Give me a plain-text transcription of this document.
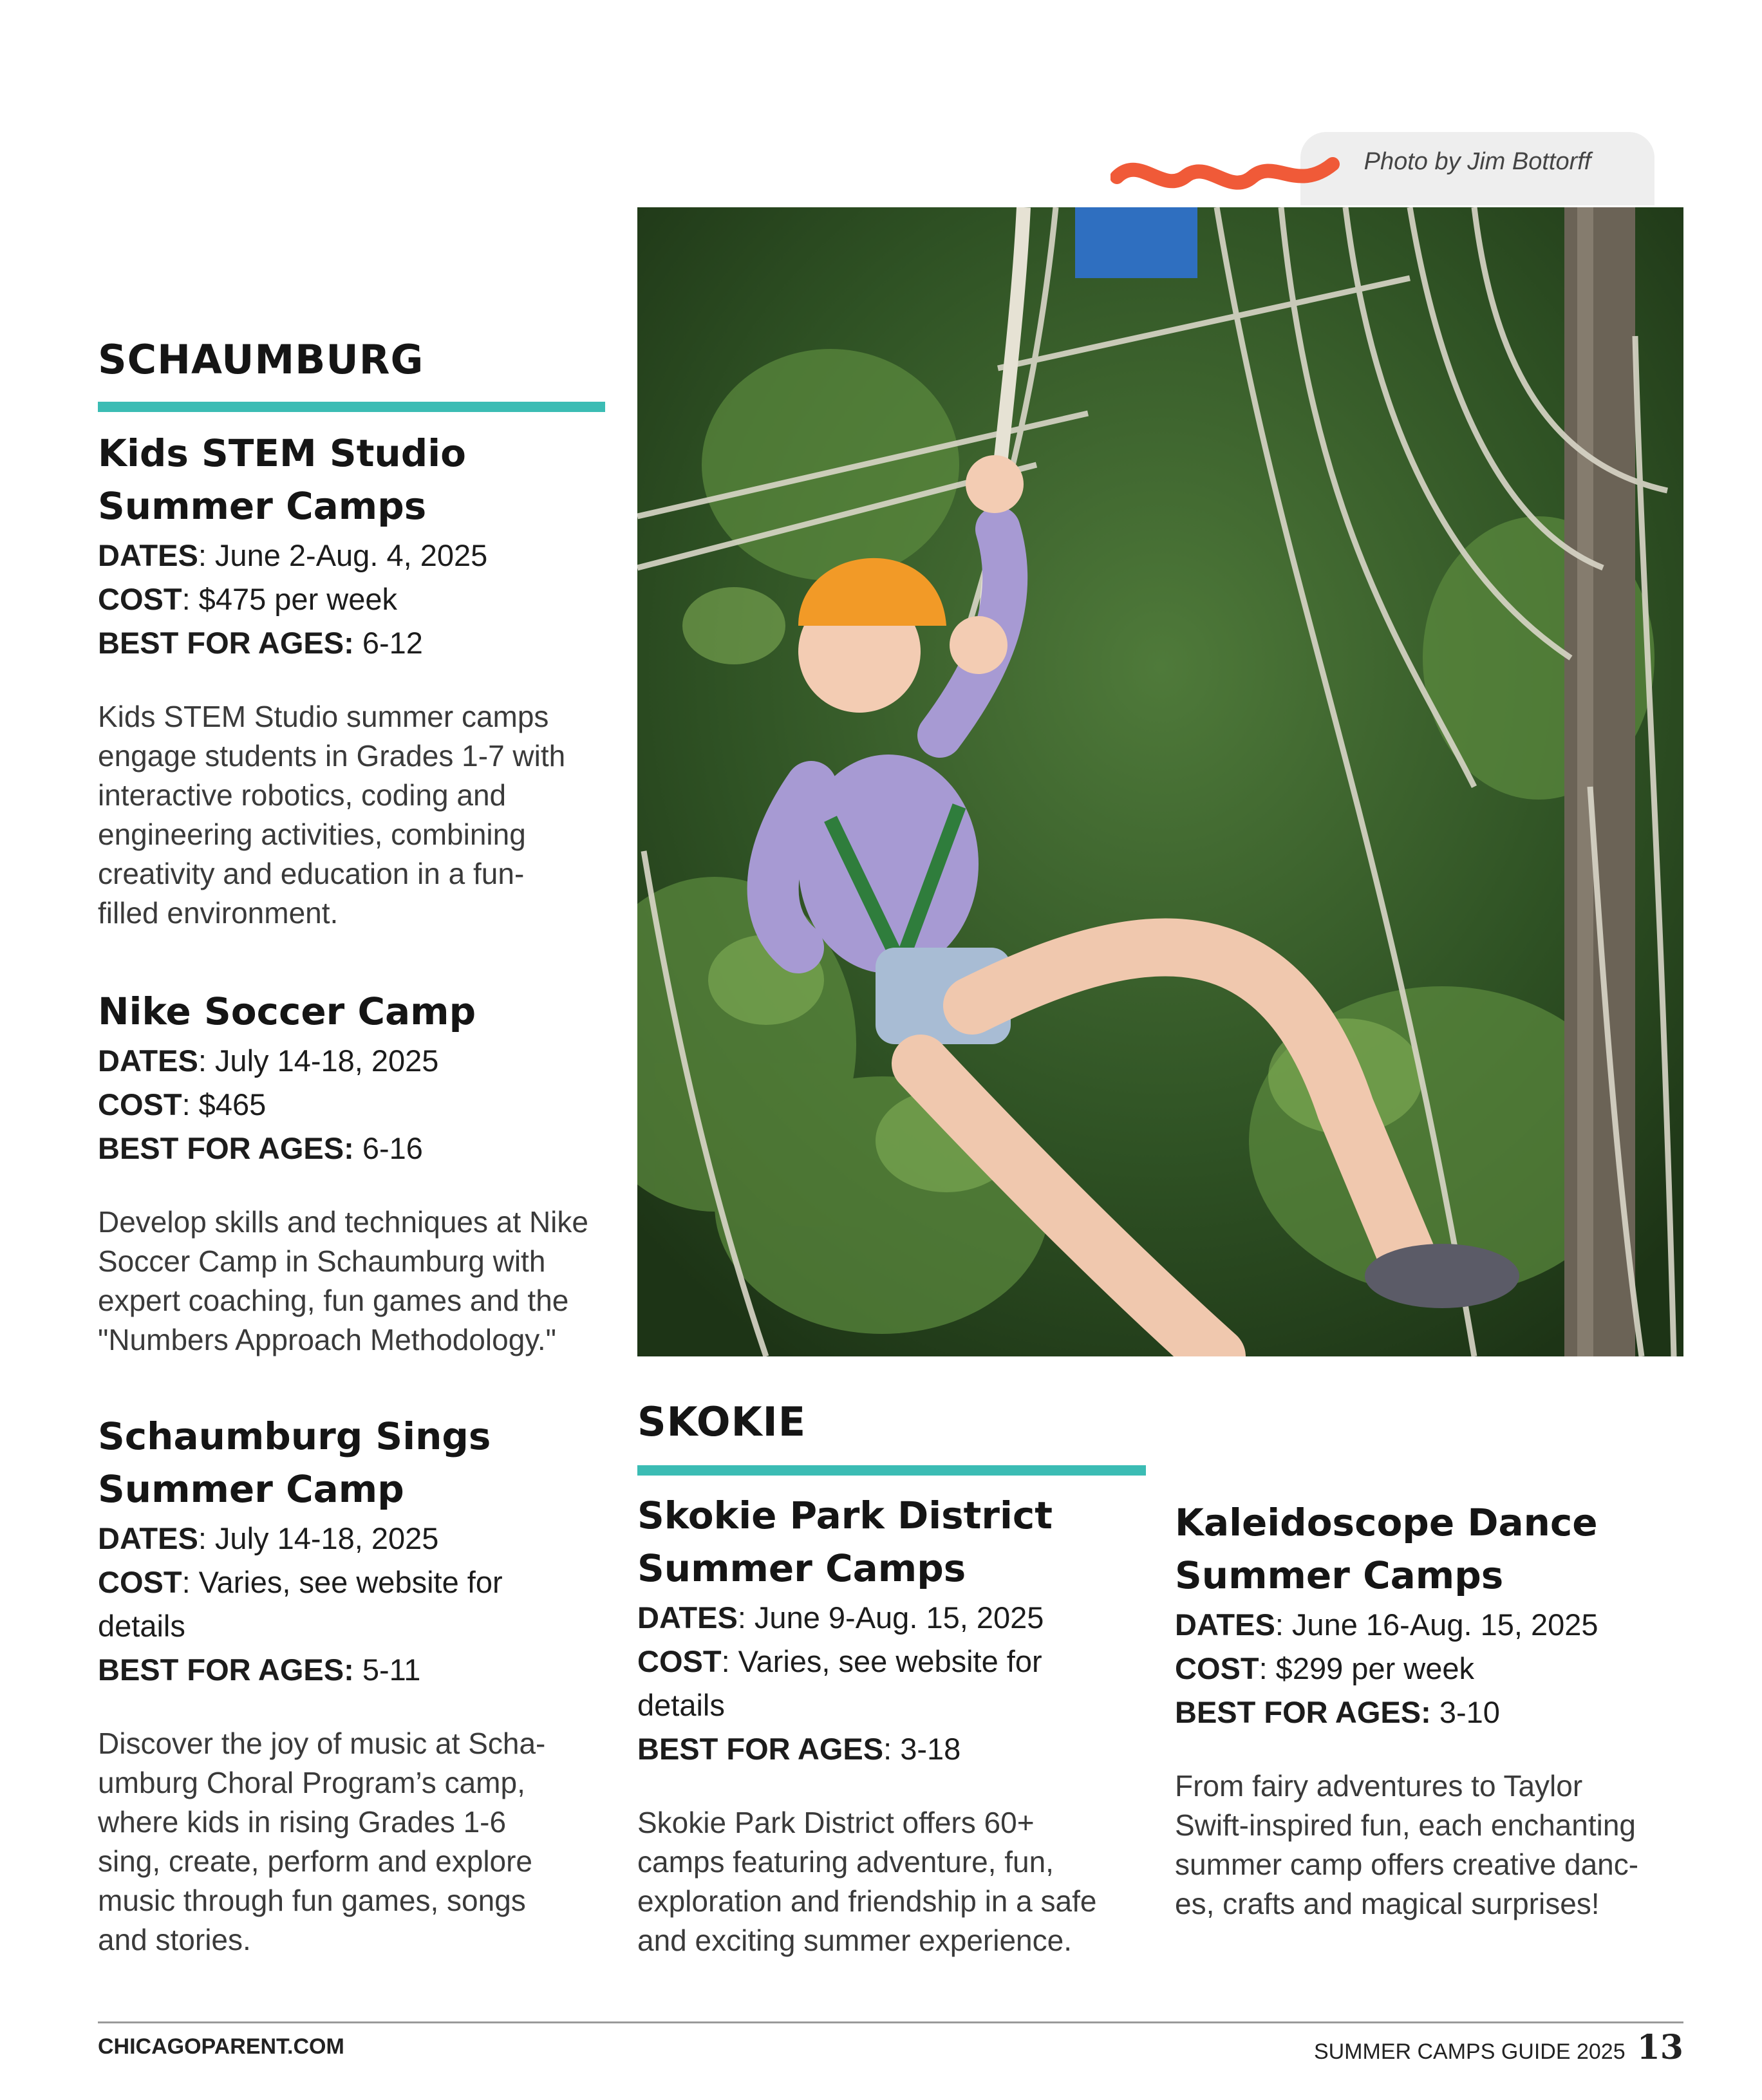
Photo by Jim Bottorff
SCHAUMBURG
Kids STEM Studio
Summer Camps
DATES: June 2-Aug. 4, 2025
COST: $475 per week
BEST FOR AGES: 6-12
Kids STEM Studio summer camps
engage students in Grades 1-7 with
interactive robotics, coding and
engineering activities, combining
creativity and education in a fun-
filled environment.
Nike Soccer Camp
DATES: July 14-18, 2025
COST: $465
BEST FOR AGES: 6-16
Develop skills and techniques at Nike
Soccer Camp in Schaumburg with
expert coaching, fun games and the
"Numbers Approach Methodology."
Schaumburg Sings
Summer Camp
DATES: July 14-18, 2025
COST: Varies, see website for
details
BEST FOR AGES: 5-11
Discover the joy of music at Scha-
umburg Choral Program’s camp,
where kids in rising Grades 1-6
sing, create, perform and explore
music through fun games, songs
and stories.
SKOKIE
Skokie Park District
Summer Camps
DATES: June 9-Aug. 15, 2025
COST: Varies, see website for
details
BEST FOR AGES: 3-18
Skokie Park District offers 60+
camps featuring adventure, fun,
exploration and friendship in a safe
and exciting summer experience.
Kaleidoscope Dance
Summer Camps
DATES: June 16-Aug. 15, 2025
COST: $299 per week
BEST FOR AGES: 3-10
From fairy adventures to Taylor
Swift-inspired fun, each enchanting
summer camp offers creative danc-
es, crafts and magical surprises!
CHICAGOPARENT.COM	SUMMER CAMPS GUIDE 2025 13
